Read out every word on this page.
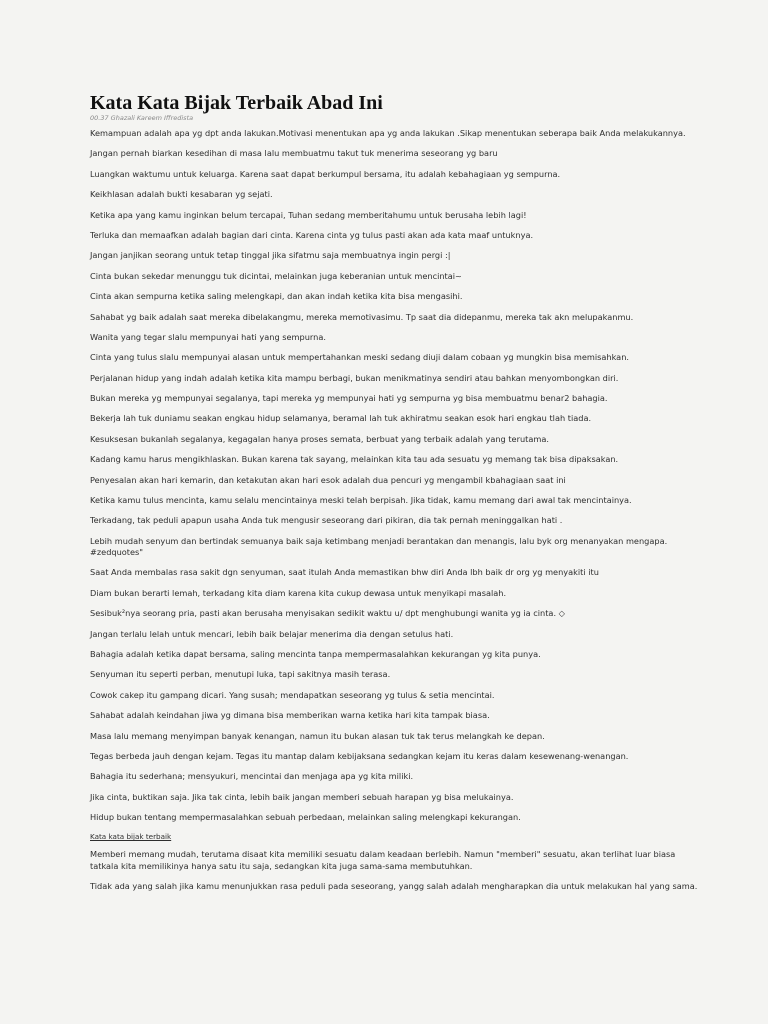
Kata Kata Bijak Terbaik Abad Ini
00.37 Ghazali Kareem Iffredista

Kemampuan adalah apa yg dpt anda lakukan.Motivasi menentukan apa yg anda lakukan .Sikap menentukan seberapa baik Anda melakukannya.

Jangan pernah biarkan kesedihan di masa lalu membuatmu takut tuk menerima seseorang yg baru

Luangkan waktumu untuk keluarga. Karena saat dapat berkumpul bersama, itu adalah kebahagiaan yg sempurna.

Keikhlasan adalah bukti kesabaran yg sejati.

Ketika apa yang kamu inginkan belum tercapai, Tuhan sedang memberitahumu untuk berusaha lebih lagi!

Terluka dan memaafkan adalah bagian dari cinta. Karena cinta yg tulus pasti akan ada kata maaf untuknya.

Jangan janjikan seorang untuk tetap tinggal jika sifatmu saja membuatnya ingin pergi :|

Cinta bukan sekedar menunggu tuk dicintai, melainkan juga keberanian untuk mencintai~

Cinta akan sempurna ketika saling melengkapi, dan akan indah ketika kita bisa mengasihi.

Sahabat yg baik adalah saat mereka dibelakangmu, mereka memotivasimu. Tp saat dia didepanmu, mereka tak akn melupakanmu.

Wanita yang tegar slalu mempunyai hati yang sempurna.

Cinta yang tulus slalu mempunyai alasan untuk mempertahankan meski sedang diuji dalam cobaan yg mungkin bisa memisahkan.

Perjalanan hidup yang indah adalah ketika kita mampu berbagi, bukan menikmatinya sendiri atau bahkan menyombongkan diri.

Bukan mereka yg mempunyai segalanya, tapi mereka yg mempunyai hati yg sempurna yg bisa membuatmu benar2 bahagia.

Bekerja lah tuk duniamu seakan engkau hidup selamanya, beramal lah tuk akhiratmu seakan esok hari engkau tlah tiada.

Kesuksesan bukanlah segalanya, kegagalan hanya proses semata, berbuat yang terbaik adalah yang terutama.

Kadang kamu harus mengikhlaskan. Bukan karena tak sayang, melainkan kita tau ada sesuatu yg memang tak bisa dipaksakan.

Penyesalan akan hari kemarin, dan ketakutan akan hari esok adalah dua pencuri yg mengambil kbahagiaan saat ini

Ketika kamu tulus mencinta, kamu selalu mencintainya meski telah berpisah. Jika tidak, kamu memang dari awal tak mencintainya.

Terkadang, tak peduli apapun usaha Anda tuk mengusir seseorang dari pikiran, dia tak pernah meninggalkan hati .

Lebih mudah senyum dan bertindak semuanya baik saja ketimbang menjadi berantakan dan menangis, lalu byk org menanyakan mengapa. #zedquotes"

Saat Anda membalas rasa sakit dgn senyuman, saat itulah Anda memastikan bhw diri Anda lbh baik dr org yg menyakiti itu

Diam bukan berarti lemah, terkadang kita diam karena kita cukup dewasa untuk menyikapi masalah.

Sesibuk²nya seorang pria, pasti akan berusaha menyisakan sedikit waktu u/ dpt menghubungi wanita yg ia cinta. ◇

Jangan terlalu lelah untuk mencari, lebih baik belajar menerima dia dengan setulus hati.

Bahagia adalah ketika dapat bersama, saling mencinta tanpa mempermasalahkan kekurangan yg kita punya.

Senyuman itu seperti perban, menutupi luka, tapi sakitnya masih terasa.

Cowok cakep itu gampang dicari. Yang susah; mendapatkan seseorang yg tulus & setia mencintai.

Sahabat adalah keindahan jiwa yg dimana bisa memberikan warna ketika hari kita tampak biasa.

Masa lalu memang menyimpan banyak kenangan, namun itu bukan alasan tuk tak terus melangkah ke depan.

Tegas berbeda jauh dengan kejam. Tegas itu mantap dalam kebijaksana sedangkan kejam itu keras dalam kesewenang-wenangan.

Bahagia itu sederhana; mensyukuri, mencintai dan menjaga apa yg kita miliki.

Jika cinta, buktikan saja. Jika tak cinta, lebih baik jangan memberi sebuah harapan yg bisa melukainya.

Hidup bukan tentang mempermasalahkan sebuah perbedaan, melainkan saling melengkapi kekurangan.

Kata kata bijak terbaik

Memberi memang mudah, terutama disaat kita memiliki sesuatu dalam keadaan berlebih. Namun "memberi" sesuatu, akan terlihat luar biasa tatkala kita memilikinya hanya satu itu saja, sedangkan kita juga sama-sama membutuhkan.

Tidak ada yang salah jika kamu menunjukkan rasa peduli pada seseorang, yangg salah adalah mengharapkan dia untuk melakukan hal yang sama.
